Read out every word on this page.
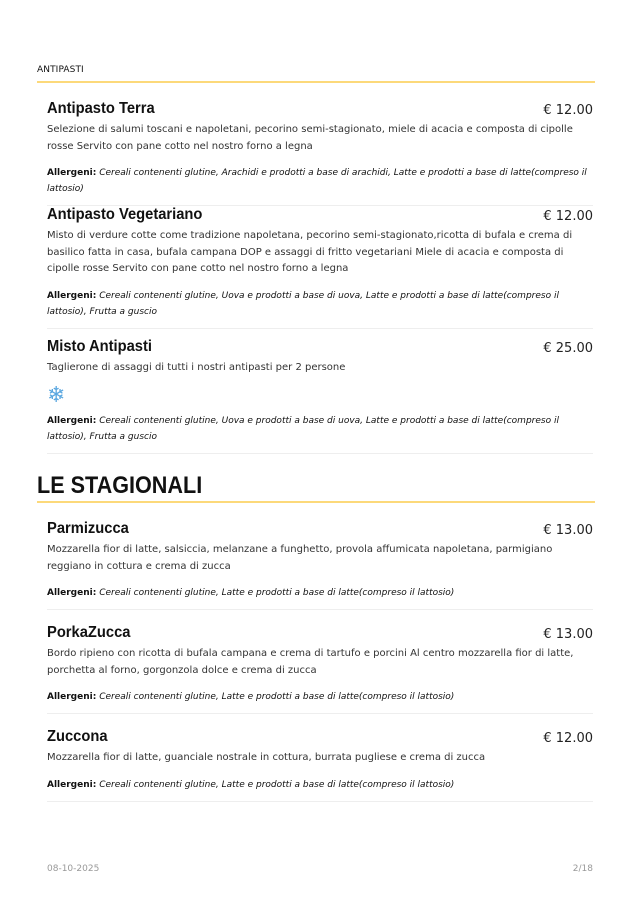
ANTIPASTI
Antipasto Terra	€ 12.00
Selezione di salumi toscani e napoletani, pecorino semi-stagionato, miele di acacia e composta di cipolle rosse Servito con pane cotto nel nostro forno a legna
Allergeni: Cereali contenenti glutine, Arachidi e prodotti a base di arachidi, Latte e prodotti a base di latte(compreso il lattosio)
Antipasto Vegetariano	€ 12.00
Misto di verdure cotte come tradizione napoletana, pecorino semi-stagionato,ricotta di bufala e crema di basilico fatta in casa, bufala campana DOP e assaggi di fritto vegetariani Miele di acacia e composta di cipolle rosse Servito con pane cotto nel nostro forno a legna
Allergeni: Cereali contenenti glutine, Uova e prodotti a base di uova, Latte e prodotti a base di latte(compreso il lattosio), Frutta a guscio
Misto Antipasti	€ 25.00
Taglierone di assaggi di tutti i nostri antipasti per 2 persone
❄
Allergeni: Cereali contenenti glutine, Uova e prodotti a base di uova, Latte e prodotti a base di latte(compreso il lattosio), Frutta a guscio
LE STAGIONALI
Parmizucca	€ 13.00
Mozzarella fior di latte, salsiccia, melanzane a funghetto, provola affumicata napoletana, parmigiano reggiano in cottura e crema di zucca
Allergeni: Cereali contenenti glutine, Latte e prodotti a base di latte(compreso il lattosio)
PorkaZucca	€ 13.00
Bordo ripieno con ricotta di bufala campana e crema di tartufo e porcini Al centro mozzarella fior di latte, porchetta al forno, gorgonzola dolce e crema di zucca
Allergeni: Cereali contenenti glutine, Latte e prodotti a base di latte(compreso il lattosio)
Zuccona	€ 12.00
Mozzarella fior di latte, guanciale nostrale in cottura, burrata pugliese e crema di zucca
Allergeni: Cereali contenenti glutine, Latte e prodotti a base di latte(compreso il lattosio)
08-10-2025	2/18
